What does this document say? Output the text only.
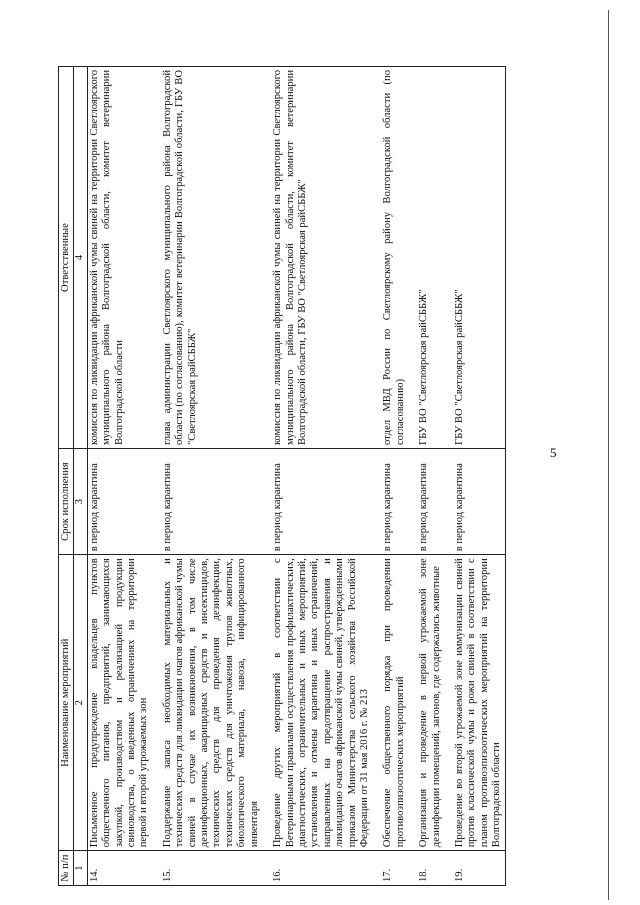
5
№ п/п	Наименование мероприятий	Срок исполнения	Ответственные
1	2	3	4
14.	Письменное предупреждение владельцев пунктов общественного питания, предприятий, занимающихся закупкой, производством и реализацией продукции свиноводства, о введенных ограничениях на территории первой и второй угрожаемых зон	в период карантина	комиссия по ликвидации африканской чумы свиней на территории Светлоярского муниципального района Волгоградской области, комитет ветеринарии Волгоградской области
15.	Поддержание запаса необходимых материальных и технических средств для ликвидации очагов африканской чумы свиней в случае их возникновения, в том числе дезинфекционных, акарицидных средств и инсектицидов, технических средств для проведения дезинфекции, технических средств для уничтожения трупов животных, биологического материала, навоза, инфицированного инвентаря	в период карантина	глава администрации Светлоярского муниципального района Волгоградской области (по согласованию), комитет ветеринарии Волгоградской области, ГБУ ВО "Светлоярская райСББЖ"
16.	Проведение других мероприятий в соответствии с Ветеринарными правилами осуществления профилактических, диагностических, ограничительных и иных мероприятий, установления и отмены карантина и иных ограничений, направленных на предотвращение распространения и ликвидацию очагов африканской чумы свиней, утвержденными приказом Министерства сельского хозяйства Российской Федерации от 31 мая 2016 г. № 213	в период карантина	комиссия по ликвидации африканской чумы свиней на территории Светлоярского муниципального района Волгоградской области, комитет ветеринарии Волгоградской области, ГБУ ВО "Светлоярская райСББЖ"
17.	Обеспечение общественного порядка при проведении противоэпизоотических мероприятий	в период карантина	отдел МВД России по Светлоярскому району Волгоградской области (по согласованию)
18.	Организация и проведение в первой угрожаемой зоне дезинфекции помещений, загонов, где содержались животные	в период карантина	ГБУ ВО "Светлоярская райСББЖ"
19.	Проведение во второй угрожаемой зоне иммунизации свиней против классической чумы и рожи свиней в соответствии с планом противоэпизоотических мероприятий на территории Волгоградской области	в период карантина	ГБУ ВО "Светлоярская райСББЖ"
